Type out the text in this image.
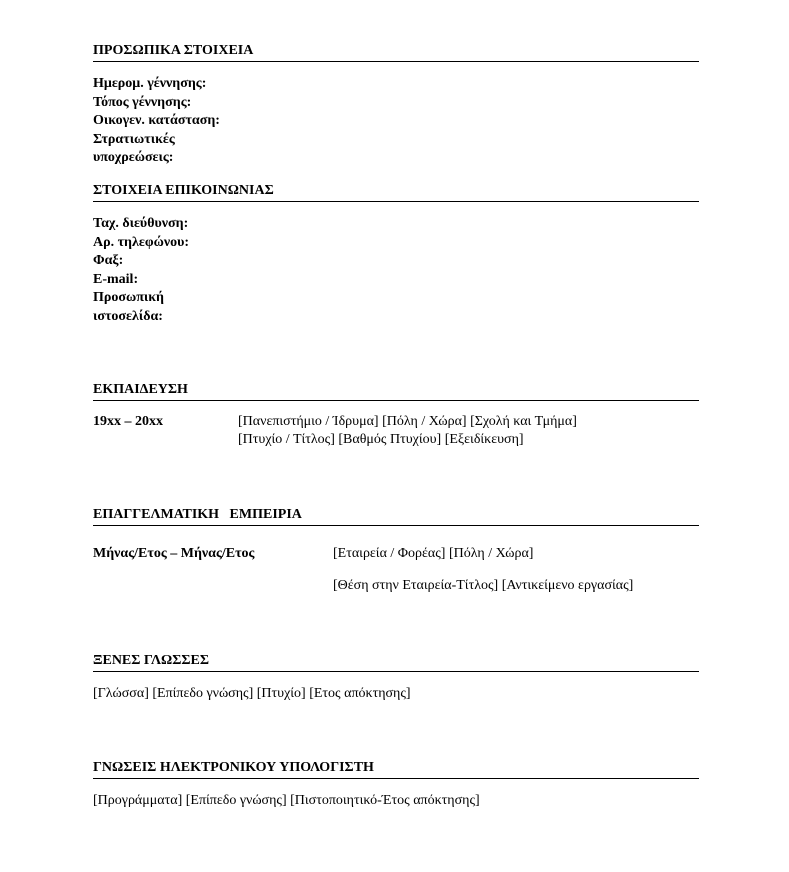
ΠΡΟΣΩΠΙΚΑ ΣΤΟΙΧΕΙΑ
Ημερομ. γέννησης:
Τόπος γέννησης:
Οικογεν. κατάσταση:
Στρατιωτικές
υποχρεώσεις:
ΣΤΟΙΧΕΙΑ ΕΠΙΚΟΙΝΩΝΙΑΣ
Ταχ. διεύθυνση:
Αρ. τηλεφώνου:
Φαξ:
E-mail:
Προσωπική
ιστοσελίδα:
ΕΚΠΑΙΔΕΥΣΗ
19xx – 20xx	[Πανεπιστήμιο / Ίδρυμα] [Πόλη / Χώρα] [Σχολή και Τμήμα]
[Πτυχίο / Τίτλος] [Βαθμός Πτυχίου] [Εξειδίκευση]
ΕΠΑΓΓΕΛΜΑΤΙΚΗ   ΕΜΠΕΙΡΙΑ
Μήνας/Ετος – Μήνας/Ετος	[Εταιρεία / Φορέας] [Πόλη / Χώρα]
[Θέση στην Εταιρεία-Τίτλος] [Αντικείμενο εργασίας]
ΞΕΝΕΣ ΓΛΩΣΣΕΣ
[Γλώσσα] [Επίπεδο γνώσης] [Πτυχίο] [Ετος απόκτησης]
ΓΝΩΣΕΙΣ ΗΛΕΚΤΡΟΝΙΚΟΥ ΥΠΟΛΟΓΙΣΤΗ
[Προγράμματα] [Επίπεδο γνώσης] [Πιστοποιητικό-Έτος απόκτησης]
